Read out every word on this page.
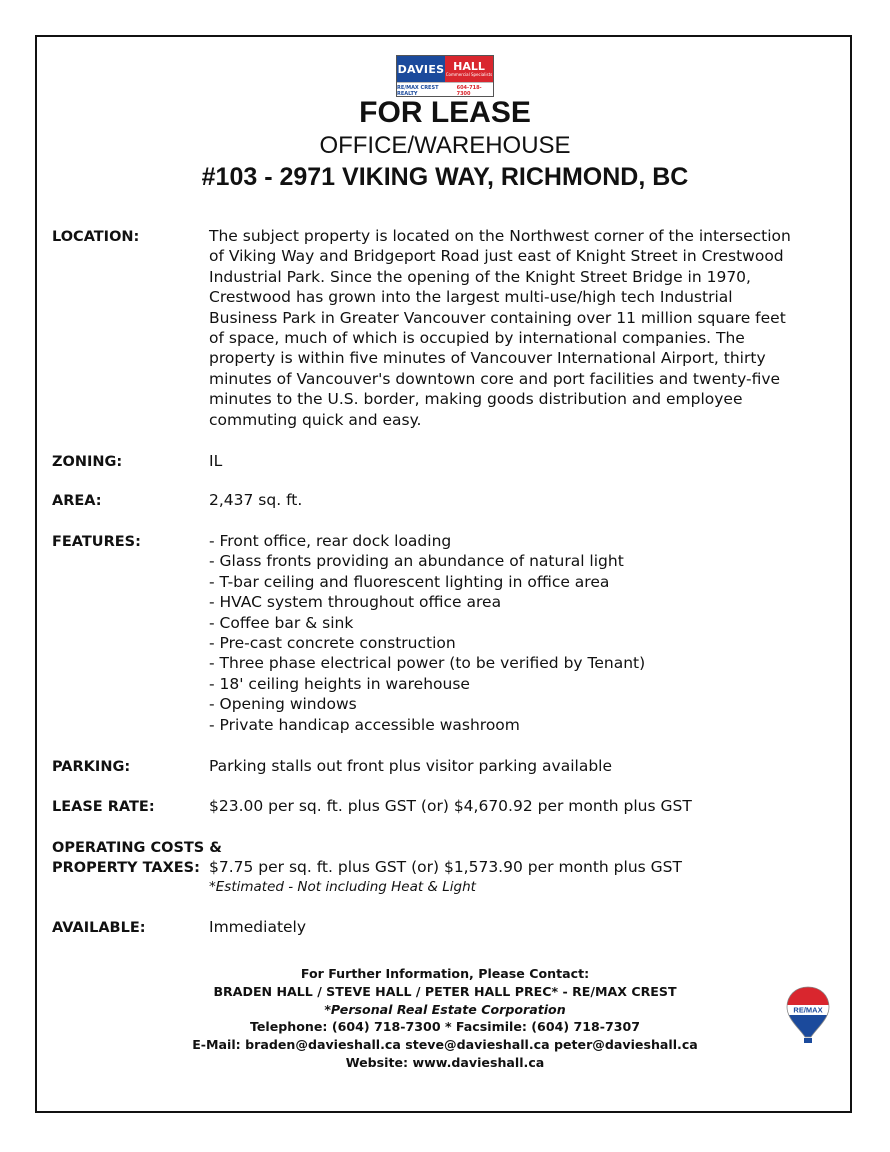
DAVIES HALL
Commercial Specialists
RE/MAX CREST REALTY
604-718-7300
FOR LEASE
OFFICE/WAREHOUSE
#103 - 2971 VIKING WAY, RICHMOND, BC
LOCATION:	The subject property is located on the Northwest corner of the intersection
of Viking Way and Bridgeport Road just east of Knight Street in Crestwood
Industrial Park. Since the opening of the Knight Street Bridge in 1970,
Crestwood has grown into the largest multi-use/high tech Industrial
Business Park in Greater Vancouver containing over 11 million square feet
of space, much of which is occupied by international companies. The
property is within five minutes of Vancouver International Airport, thirty
minutes of Vancouver's downtown core and port facilities and twenty-five
minutes to the U.S. border, making goods distribution and employee
commuting quick and easy.
ZONING:	IL
AREA:	2,437 sq. ft.
FEATURES:	- Front office, rear dock loading
- Glass fronts providing an abundance of natural light
- T-bar ceiling and fluorescent lighting in office area
- HVAC system throughout office area
- Coffee bar & sink
- Pre-cast concrete construction
- Three phase electrical power (to be verified by Tenant)
- 18' ceiling heights in warehouse
- Opening windows
- Private handicap accessible washroom
PARKING:	Parking stalls out front plus visitor parking available
LEASE RATE:	$23.00 per sq. ft. plus GST (or) $4,670.92 per month plus GST
OPERATING COSTS &
PROPERTY TAXES: $7.75 per sq. ft. plus GST (or) $1,573.90 per month plus GST
*Estimated - Not including Heat & Light
AVAILABLE:	Immediately
For Further Information, Please Contact:
BRADEN HALL / STEVE HALL / PETER HALL PREC* - RE/MAX CREST
*Personal Real Estate Corporation
Telephone: (604) 718-7300 * Facsimile: (604) 718-7307
E-Mail: braden@davieshall.ca steve@davieshall.ca peter@davieshall.ca
Website: www.davieshall.ca
RE/MAX
